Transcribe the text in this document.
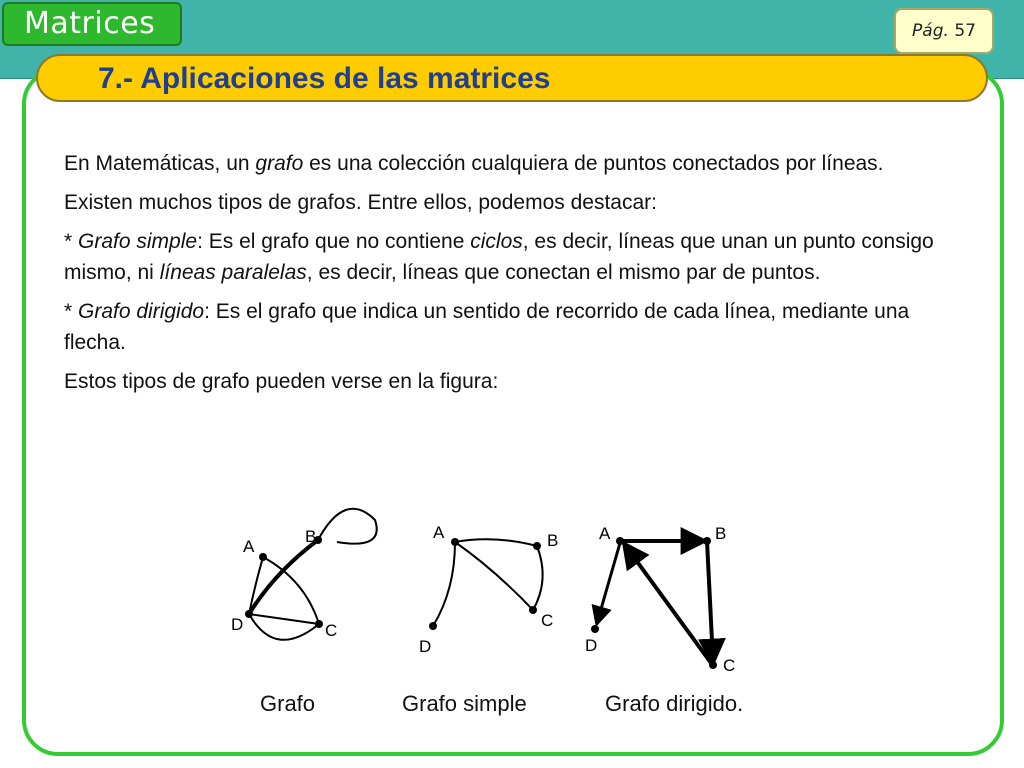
Matrices	Pág. 57
7.- Aplicaciones de las matrices

En Matemáticas, un grafo es una colección cualquiera de puntos conectados por líneas.

Existen muchos tipos de grafos. Entre ellos, podemos destacar:

* Grafo simple: Es el grafo que no contiene ciclos, es decir, líneas que unan un punto consigo mismo, ni líneas paralelas, es decir, líneas que conectan el mismo par de puntos.

* Grafo dirigido: Es el grafo que indica un sentido de recorrido de cada línea, mediante una flecha.

Estos tipos de grafo pueden verse en la figura:

A
B
C
D
A	B
C
D
A	B
C
D
Grafo	Grafo simple	Grafo dirigido.
